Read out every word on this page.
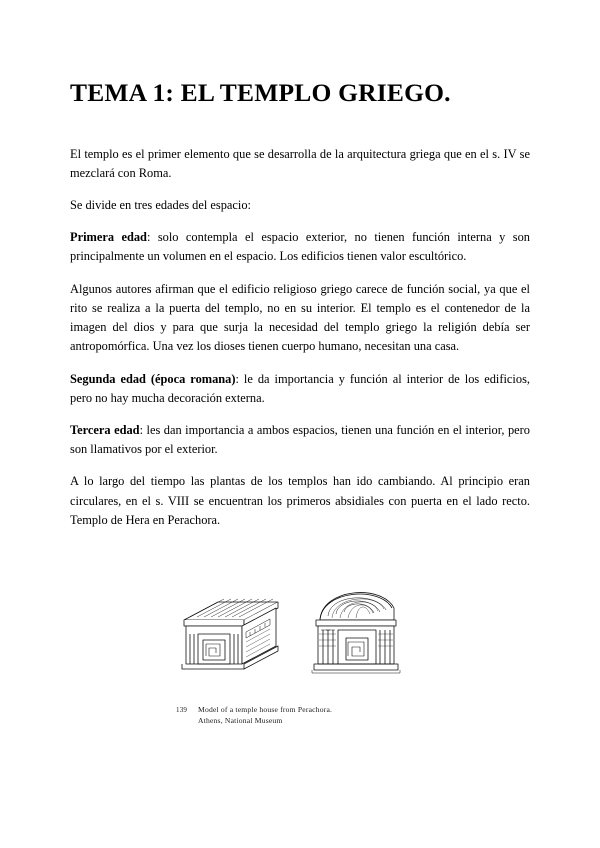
TEMA 1: EL TEMPLO GRIEGO.

El templo es el primer elemento que se desarrolla de la arquitectura griega que en el s. IV se mezclará con Roma.

Se divide en tres edades del espacio:

Primera edad: solo contempla el espacio exterior, no tienen función interna y son principalmente un volumen en el espacio. Los edificios tienen valor escultórico.

Algunos autores afirman que el edificio religioso griego carece de función social, ya que el rito se realiza a la puerta del templo, no en su interior. El templo es el contenedor de la imagen del dios y para que surja la necesidad del templo griego la religión debía ser antropomórfica. Una vez los dioses tienen cuerpo humano, necesitan una casa.

Segunda edad (época romana): le da importancia y función al interior de los edificios, pero no hay mucha decoración externa.

Tercera edad: les dan importancia a ambos espacios, tienen una función en el interior, pero son llamativos por el exterior.

A lo largo del tiempo las plantas de los templos han ido cambiando. Al principio eran circulares, en el s. VIII se encuentran los primeros absidiales con puerta en el lado recto. Templo de Hera en Perachora.

139 Model of a temple house from Perachora.
Athens, National Museum
